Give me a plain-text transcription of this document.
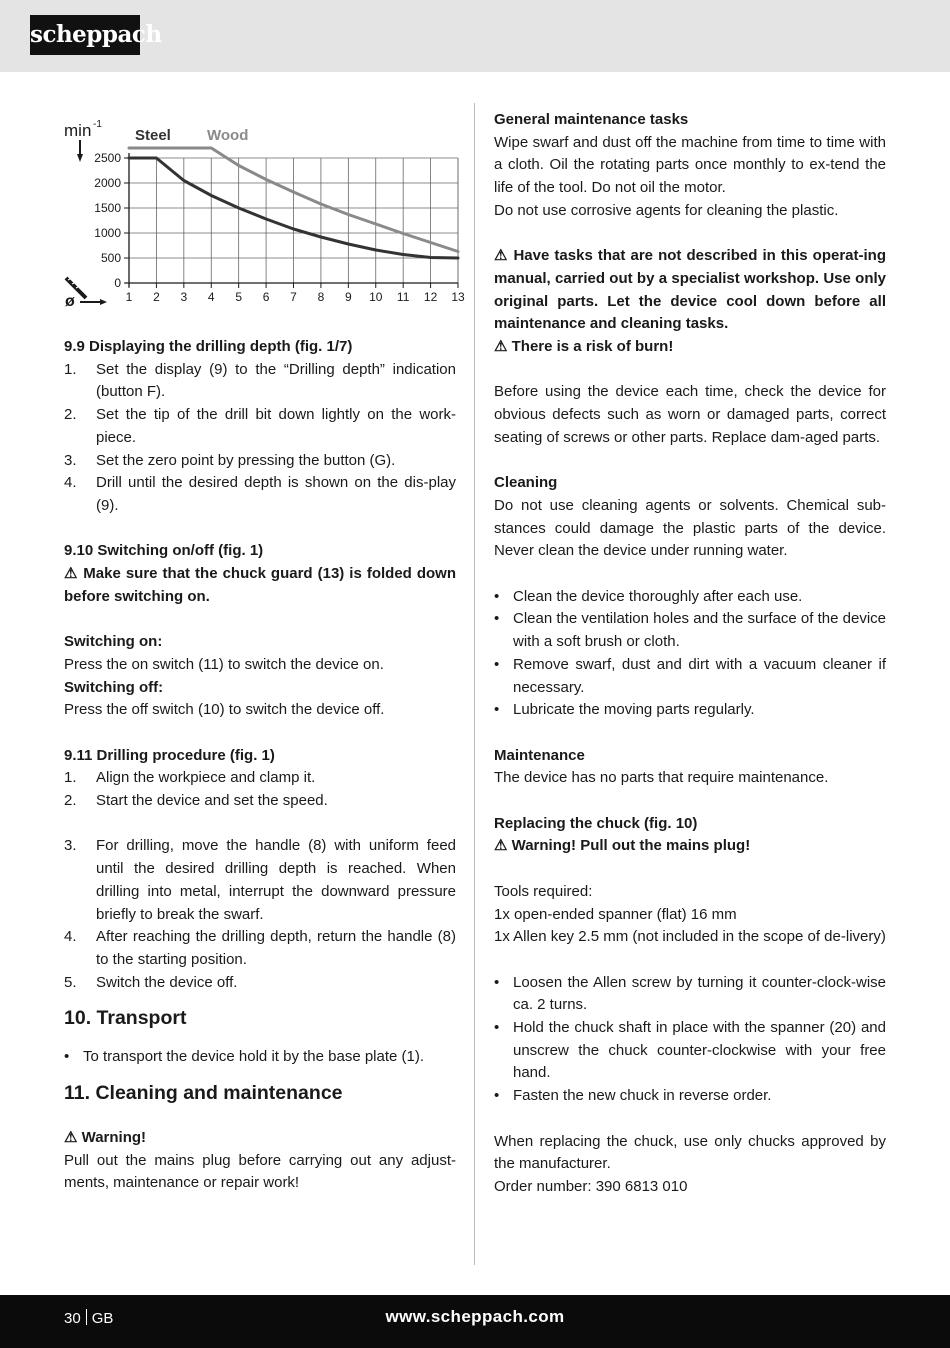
scheppach
0
500
1000
1500
2000
2500
1 2 3 4 5 6 7 8 9 10 11 12 13
min -1
Steel Wood
ø

9.9 Displaying the drilling depth (fig. 1/7)

1. Set the display (9) to the “Drilling depth” indication (button F).
2. Set the tip of the drill bit down lightly on the work-piece.
3. Set the zero point by pressing the button (G).
4. Drill until the desired depth is shown on the dis-play (9).

9.10 Switching on/off (fig. 1)

⚠ Make sure that the chuck guard (13) is folded down before switching on.

Switching on:

Press the on switch (11) to switch the device on.

Switching off:

Press the off switch (10) to switch the device off.

9.11 Drilling procedure (fig. 1)

1. Align the workpiece and clamp it.
2. Start the device and set the speed.
3. For drilling, move the handle (8) with uniform feed until the desired drilling depth is reached. When drilling into metal, interrupt the downward pressure briefly to break the swarf.
4. After reaching the drilling depth, return the handle (8) to the starting position.
5. Switch the device off.
10. Transport
• To transport the device hold it by the base plate (1).
11. Cleaning and maintenance

⚠ Warning!

Pull out the mains plug before carrying out any adjust-ments, maintenance or repair work!

General maintenance tasks

Wipe swarf and dust off the machine from time to time with a cloth. Oil the rotating parts once monthly to ex-tend the life of the tool. Do not oil the motor.

Do not use corrosive agents for cleaning the plastic.

⚠ Have tasks that are not described in this operat-ing manual, carried out by a specialist workshop. Use only original parts. Let the device cool down before all maintenance and cleaning tasks.

⚠ There is a risk of burn!

Before using the device each time, check the device for obvious defects such as worn or damaged parts, correct seating of screws or other parts. Replace dam-aged parts.

Cleaning

Do not use cleaning agents or solvents. Chemical sub-stances could damage the plastic parts of the device. Never clean the device under running water.

• Clean the device thoroughly after each use.
• Clean the ventilation holes and the surface of the device with a soft brush or cloth.
• Remove swarf, dust and dirt with a vacuum cleaner if necessary.
• Lubricate the moving parts regularly.

Maintenance

The device has no parts that require maintenance.

Replacing the chuck (fig. 10)

⚠ Warning! Pull out the mains plug!

Tools required:

1x open-ended spanner (flat) 16 mm

1x Allen key 2.5 mm (not included in the scope of de-livery)

• Loosen the Allen screw by turning it counter-clock-wise ca. 2 turns.
• Hold the chuck shaft in place with the spanner (20) and unscrew the chuck counter-clockwise with your free hand.
• Fasten the new chuck in reverse order.

When replacing the chuck, use only chucks approved by the manufacturer.

Order number: 390 6813 010

30 GB	www.scheppach.com
